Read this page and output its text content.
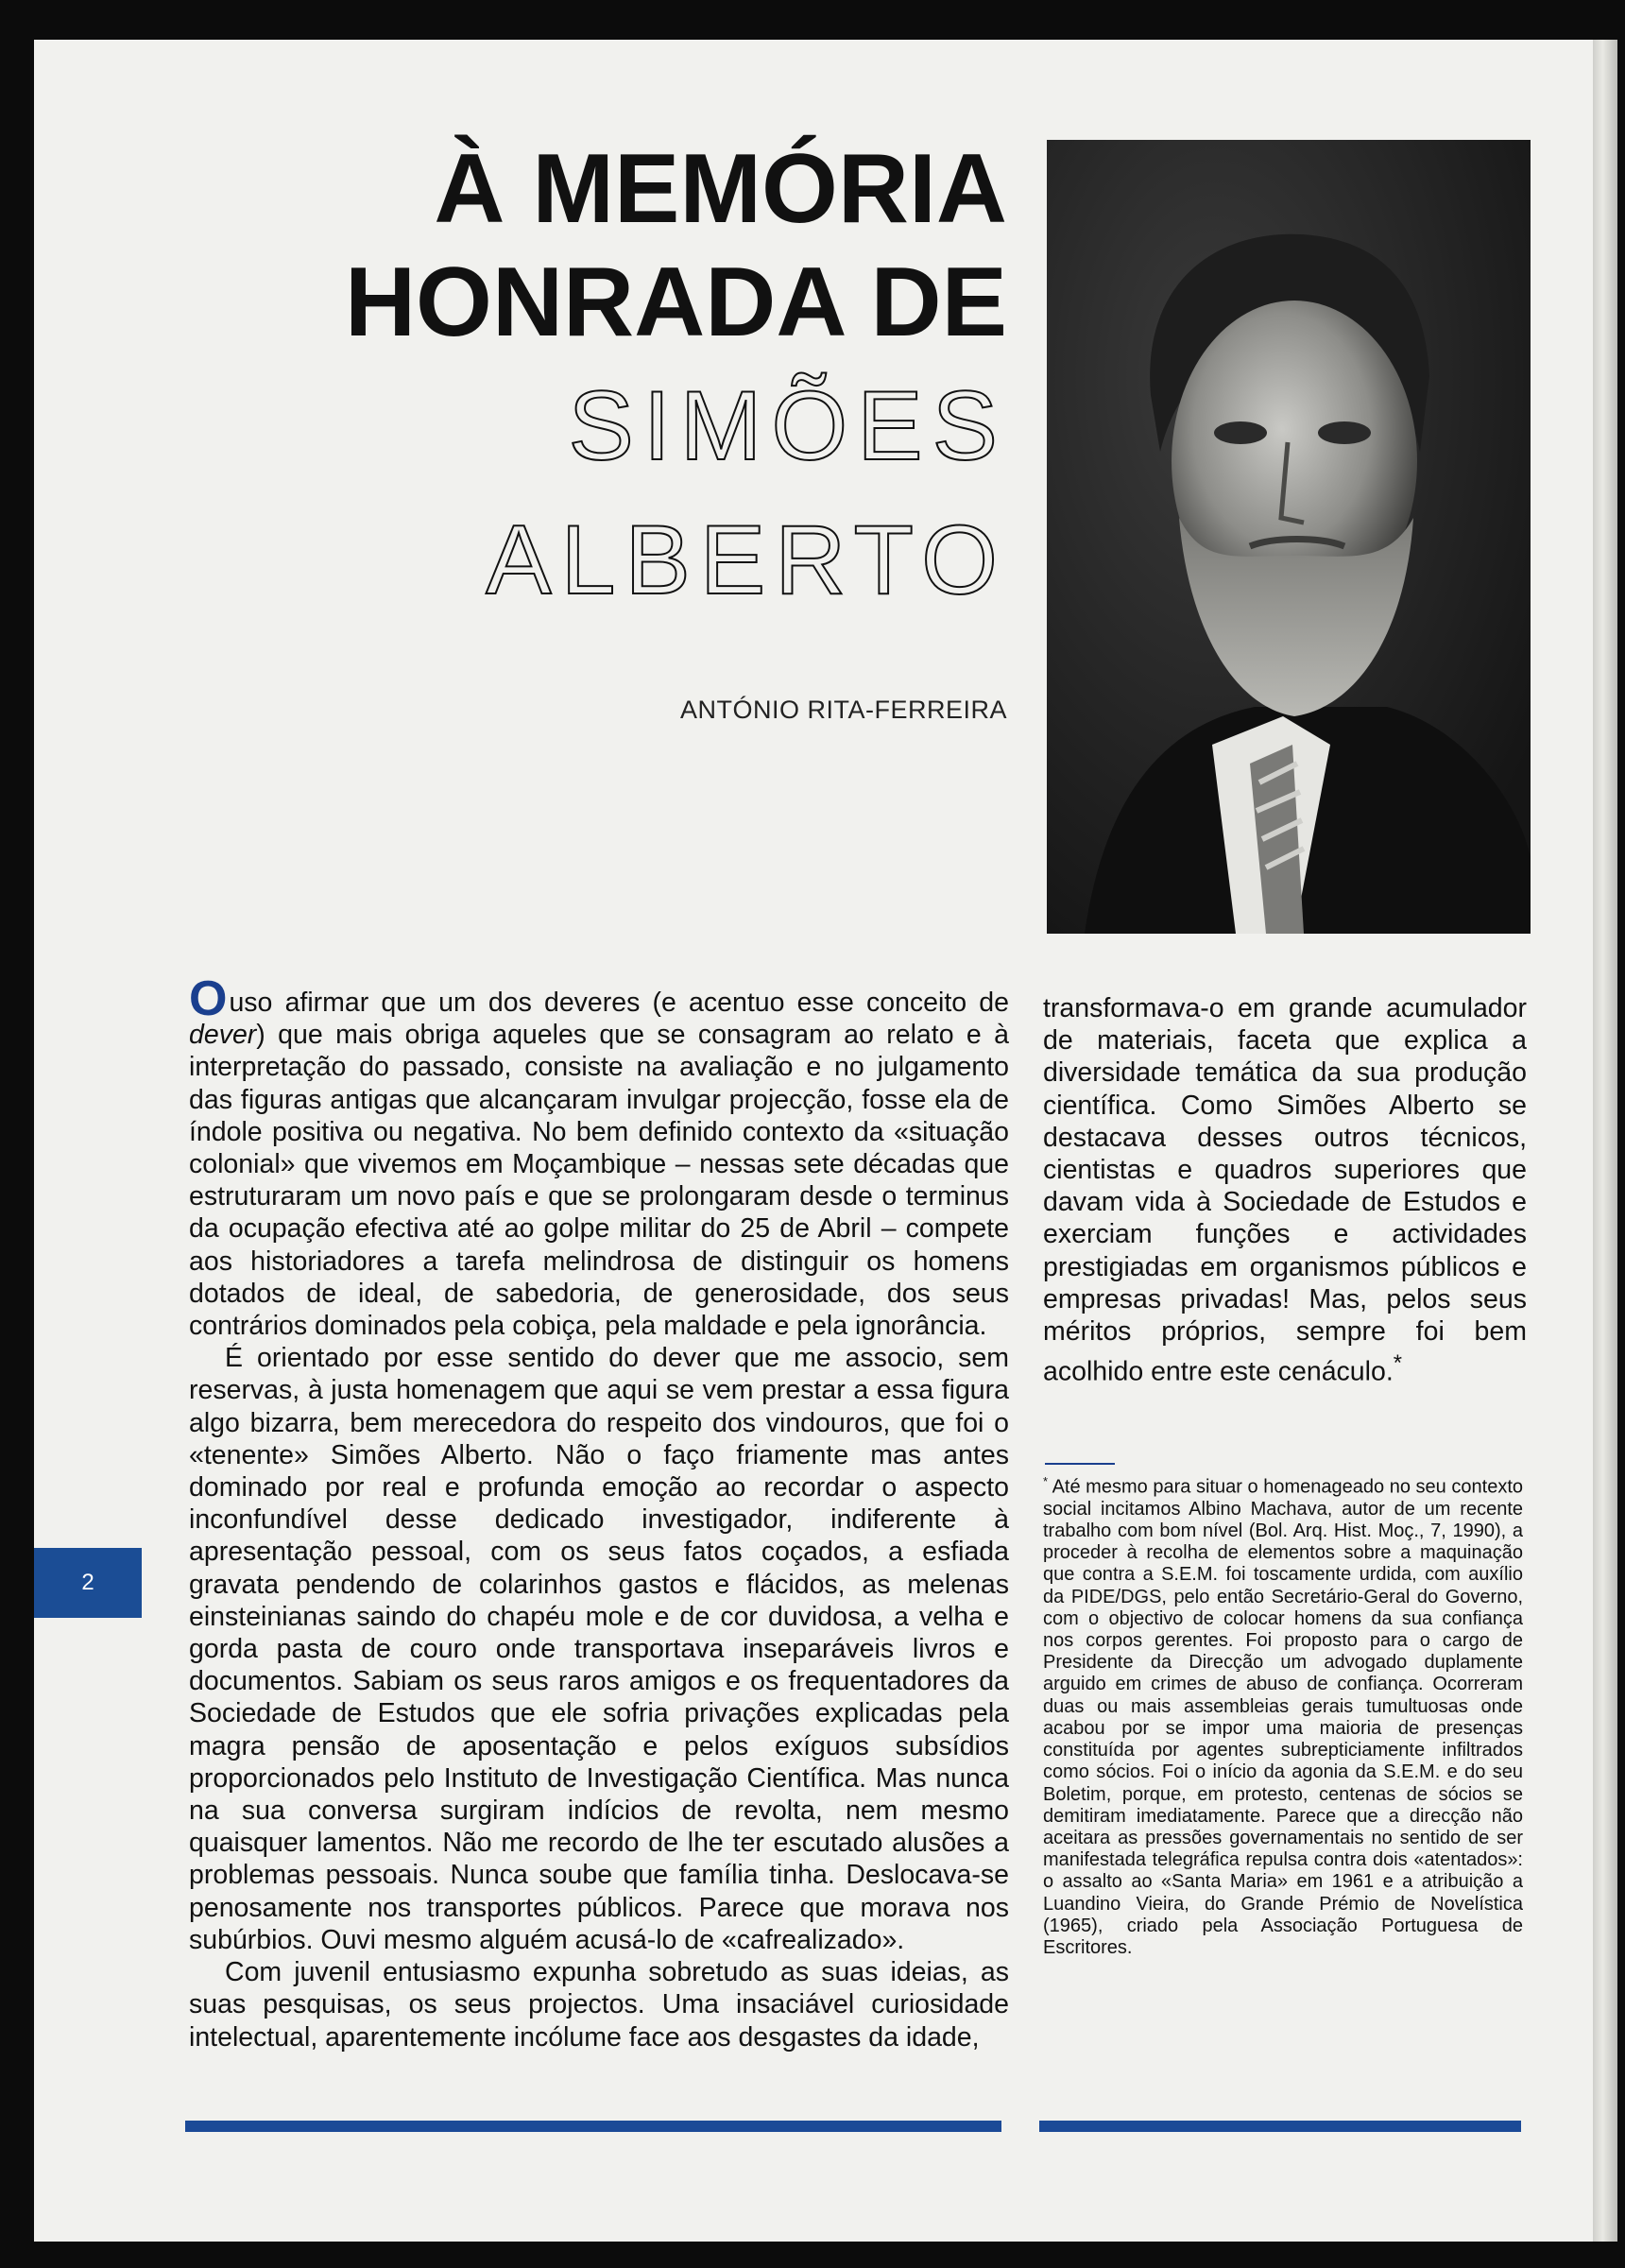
À MEMÓRIA
HONRADA DE
SIMÕES
ALBERTO
ANTÓNIO RITA-FERREIRA

Ouso afirmar que um dos deveres (e acentuo esse conceito de dever) que mais obriga aqueles que se consagram ao relato e à interpretação do passado, consiste na avaliação e no julgamento das figuras antigas que alcançaram invulgar projecção, fosse ela de índole positiva ou negativa. No bem definido contexto da «situação colonial» que vivemos em Moçambique – nessas sete décadas que estruturaram um novo país e que se prolongaram desde o terminus da ocupação efectiva até ao golpe militar do 25 de Abril – compete aos historiadores a tarefa melindrosa de distinguir os homens dotados de ideal, de sabedoria, de generosidade, dos seus contrários dominados pela cobiça, pela maldade e pela ignorância.

É orientado por esse sentido do dever que me associo, sem reservas, à justa homenagem que aqui se vem prestar a essa figura algo bizarra, bem merecedora do respeito dos vindouros, que foi o «tenente» Simões Alberto. Não o faço friamente mas antes dominado por real e profunda emoção ao recordar o aspecto inconfundível desse dedicado investigador, indiferente à apresentação pessoal, com os seus fatos coçados, a esfiada gravata pendendo de colarinhos gastos e flácidos, as melenas einsteinianas saindo do chapéu mole e de cor duvidosa, a velha e gorda pasta de couro onde transportava inseparáveis livros e documentos. Sabiam os seus raros amigos e os frequentadores da Sociedade de Estudos que ele sofria privações explicadas pela magra pensão de aposentação e pelos exíguos subsídios proporcionados pelo Instituto de Investigação Científica. Mas nunca na sua conversa surgiram indícios de revolta, nem mesmo quaisquer lamentos. Não me recordo de lhe ter escutado alusões a problemas pessoais. Nunca soube que família tinha. Deslocava-se penosamente nos transportes públicos. Parece que morava nos subúrbios. Ouvi mesmo alguém acusá-lo de «cafrealizado».

Com juvenil entusiasmo expunha sobretudo as suas ideias, as suas pesquisas, os seus projectos. Uma insaciável curiosidade intelectual, aparentemente incólume face aos desgastes da idade,

transformava-o em grande acumulador de materiais, faceta que explica a diversidade temática da sua produção científica. Como Simões Alberto se destacava desses outros técnicos, cientistas e quadros superiores que davam vida à Sociedade de Estudos e exerciam funções e actividades prestigiadas em organismos públicos e empresas privadas! Mas, pelos seus méritos próprios, sempre foi bem acolhido entre este cenáculo.*

* Até mesmo para situar o homenageado no seu contexto social incitamos Albino Machava, autor de um recente trabalho com bom nível (Bol. Arq. Hist. Moç., 7, 1990), a proceder à recolha de elementos sobre a maquinação que contra a S.E.M. foi toscamente urdida, com auxílio da PIDE/DGS, pelo então Secretário-Geral do Governo, com o objectivo de colocar homens da sua confiança nos corpos gerentes. Foi proposto para o cargo de Presidente da Direcção um advogado duplamente arguido em crimes de abuso de confiança. Ocorreram duas ou mais assembleias gerais tumultuosas onde acabou por se impor uma maioria de presenças constituída por agentes subrepticiamente infiltrados como sócios. Foi o início da agonia da S.E.M. e do seu Boletim, porque, em protesto, centenas de sócios se demitiram imediatamente. Parece que a direcção não aceitara as pressões governamentais no sentido de ser manifestada telegráfica repulsa contra dois «atentados»: o assalto ao «Santa Maria» em 1961 e a atribuição a Luandino Vieira, do Grande Prémio de Novelística (1965), criado pela Associação Portuguesa de Escritores.
2
